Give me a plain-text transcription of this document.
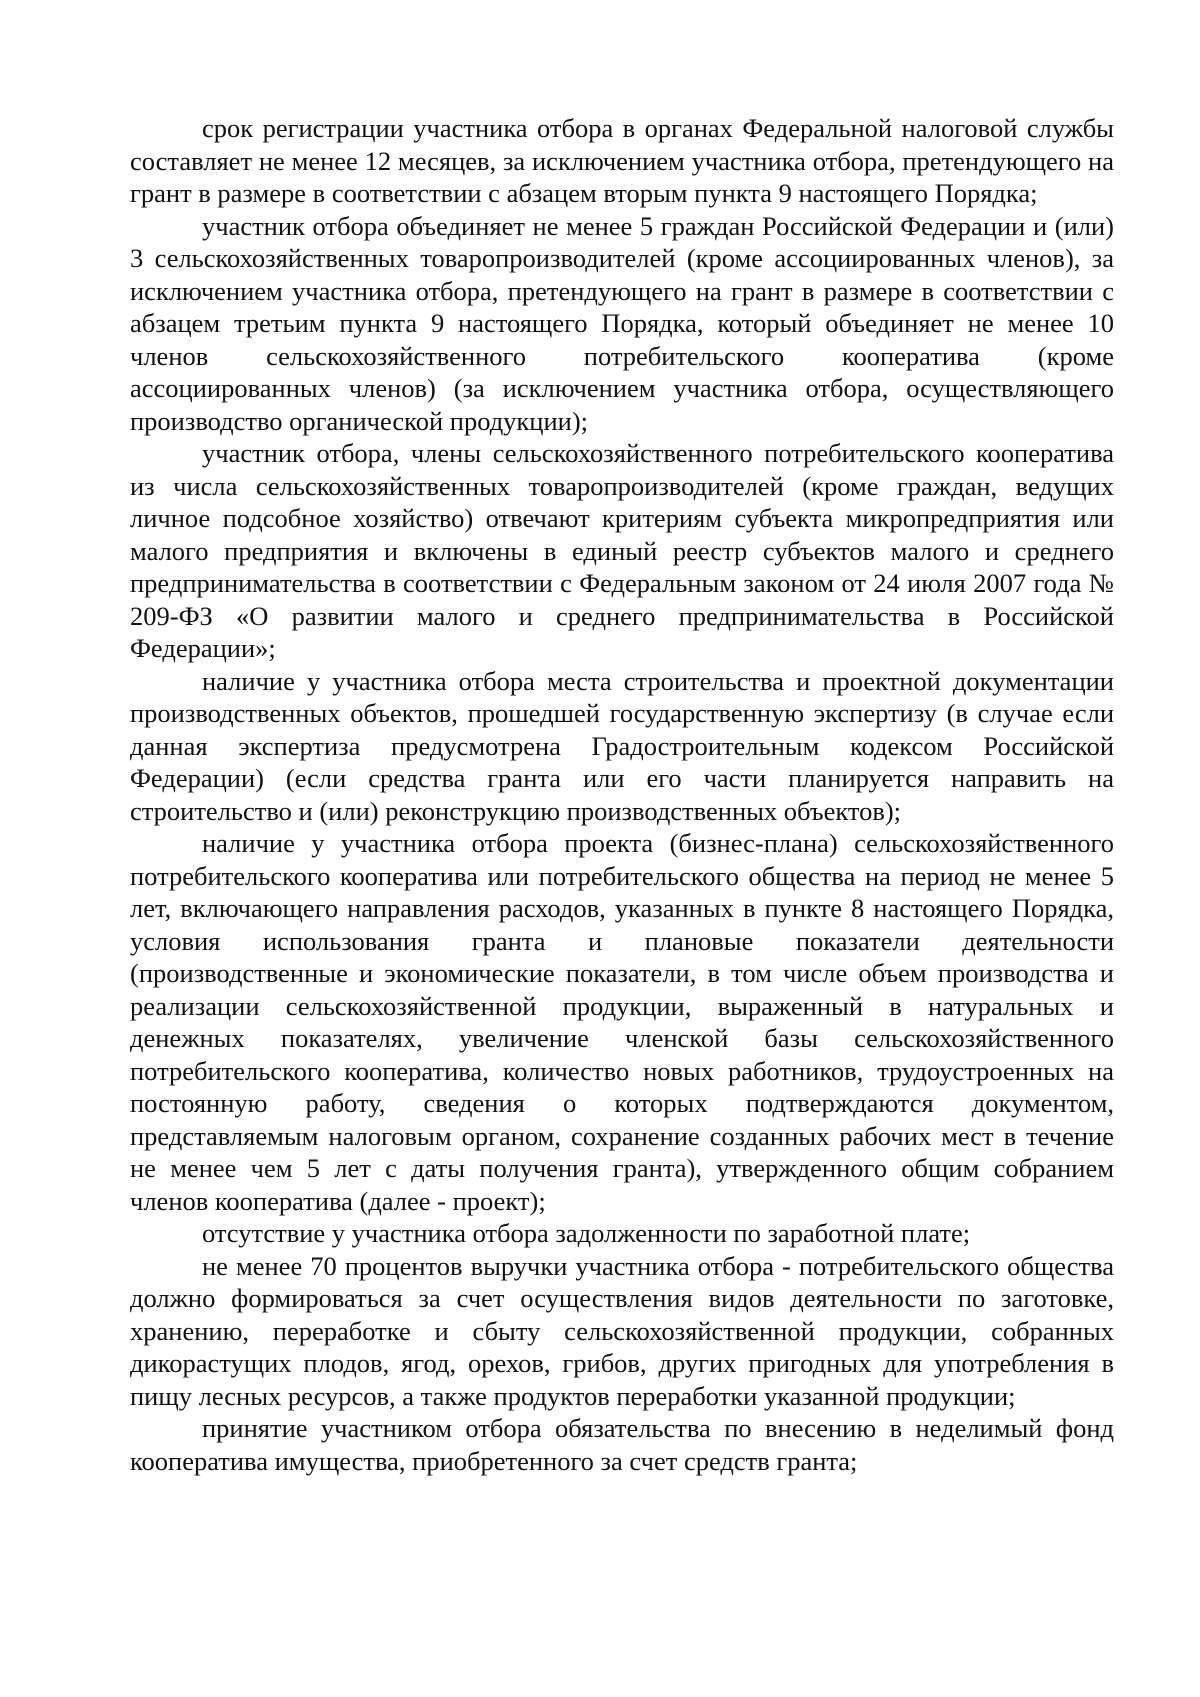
срок регистрации участника отбора в органах Федеральной налоговой службы составляет не менее 12 месяцев, за исключением участника отбора, претендующего на грант в размере в соответствии с абзацем вторым пункта 9 настоящего Порядка;

участник отбора объединяет не менее 5 граждан Российской Федерации и (или) 3 сельскохозяйственных товаропроизводителей (кроме ассоциированных членов), за исключением участника отбора, претендующего на грант в размере в соответствии с абзацем третьим пункта 9 настоящего Порядка, который объединяет не менее 10 членов сельскохозяйственного потребительского кооператива (кроме ассоциированных членов) (за исключением участника отбора, осуществляющего производство органической продукции);

участник отбора, члены сельскохозяйственного потребительского кооператива из числа сельскохозяйственных товаропроизводителей (кроме граждан, ведущих личное подсобное хозяйство) отвечают критериям субъекта микропредприятия или малого предприятия и включены в единый реестр субъектов малого и среднего предпринимательства в соответствии с Федеральным законом от 24 июля 2007 года № 209-ФЗ «О развитии малого и среднего предпринимательства в Российской Федерации»;

наличие у участника отбора места строительства и проектной документации производственных объектов, прошедшей государственную экспертизу (в случае если данная экспертиза предусмотрена Градостроительным кодексом Российской Федерации) (если средства гранта или его части планируется направить на строительство и (или) реконструкцию производственных объектов);

наличие у участника отбора проекта (бизнес-плана) сельскохозяйственного потребительского кооператива или потребительского общества на период не менее 5 лет, включающего направления расходов, указанных в пункте 8 настоящего Порядка, условия использования гранта и плановые показатели деятельности (производственные и экономические показатели, в том числе объем производства и реализации сельскохозяйственной продукции, выраженный в натуральных и денежных показателях, увеличение членской базы сельскохозяйственного потребительского кооператива, количество новых работников, трудоустроенных на постоянную работу, сведения о которых подтверждаются документом, представляемым налоговым органом, сохранение созданных рабочих мест в течение не менее чем 5 лет с даты получения гранта), утвержденного общим собранием членов кооператива (далее - проект);

отсутствие у участника отбора задолженности по заработной плате;

не менее 70 процентов выручки участника отбора - потребительского общества должно формироваться за счет осуществления видов деятельности по заготовке, хранению, переработке и сбыту сельскохозяйственной продукции, собранных дикорастущих плодов, ягод, орехов, грибов, других пригодных для употребления в пищу лесных ресурсов, а также продуктов переработки указанной продукции;

принятие участником отбора обязательства по внесению в неделимый фонд кооператива имущества, приобретенного за счет средств гранта;
